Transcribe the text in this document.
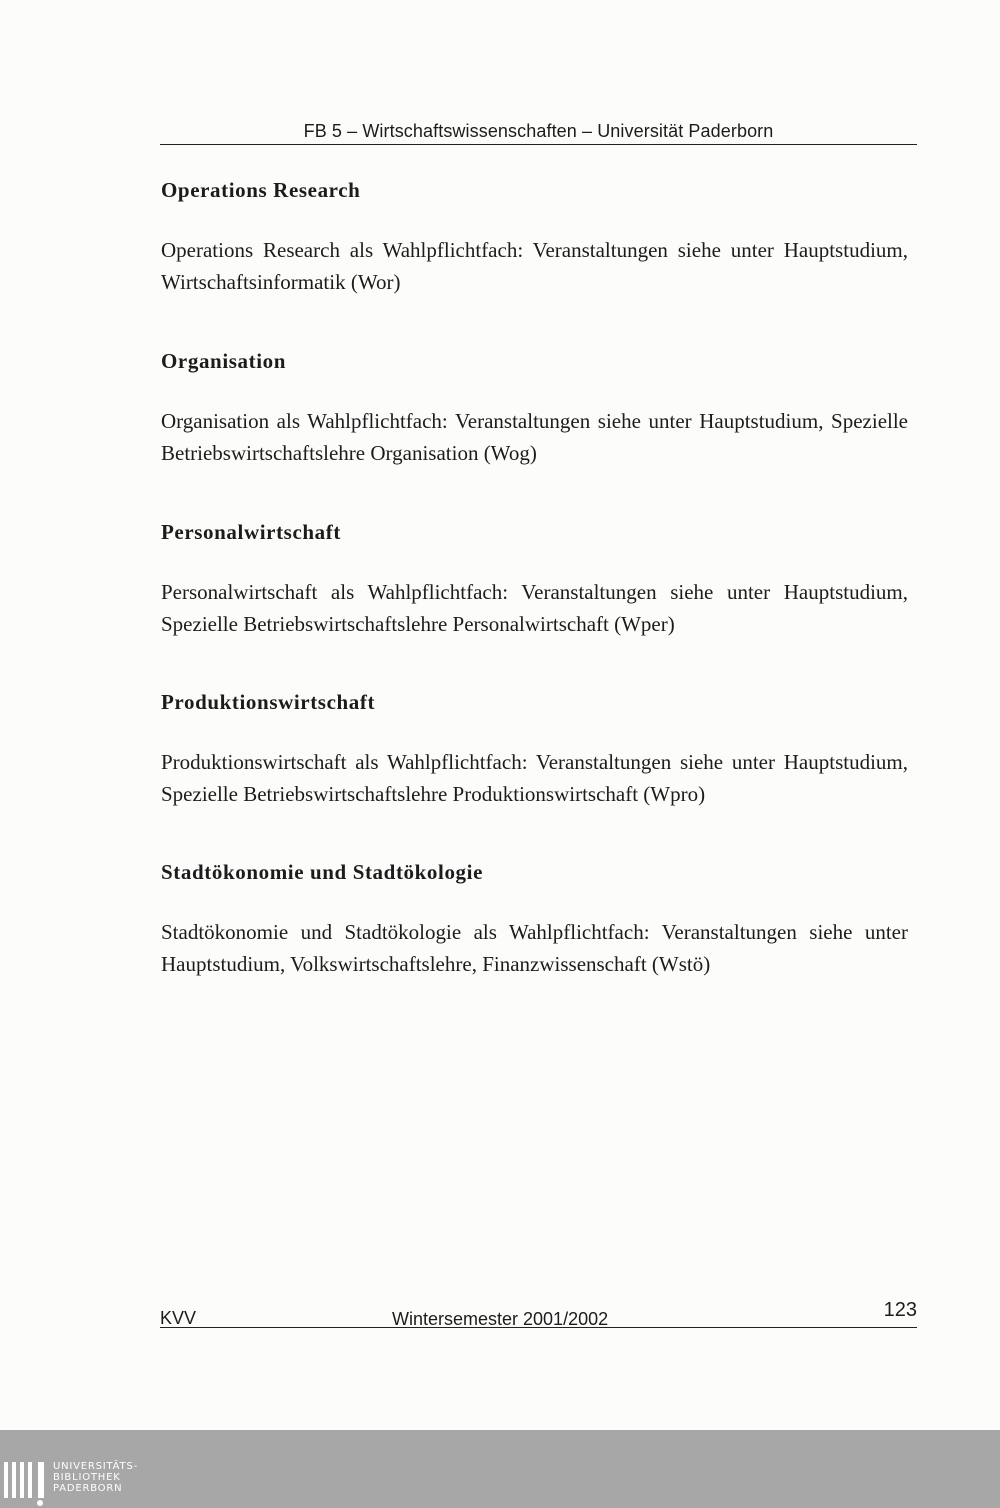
FB 5 – Wirtschaftswissenschaften – Universität Paderborn
Operations Research

Operations Research als Wahlpflichtfach: Veranstaltungen siehe unter Hauptstudium, Wirtschaftsinformatik (Wor)

Organisation

Organisation als Wahlpflichtfach: Veranstaltungen siehe unter Hauptstudium, Spezielle Betriebswirtschaftslehre Organisation (Wog)

Personalwirtschaft

Personalwirtschaft als Wahlpflichtfach: Veranstaltungen siehe unter Hauptstudium, Spezielle Betriebswirtschaftslehre Personalwirtschaft (Wper)

Produktionswirtschaft

Produktionswirtschaft als Wahlpflichtfach: Veranstaltungen siehe unter Hauptstudium, Spezielle Betriebswirtschaftslehre Produktionswirtschaft (Wpro)

Stadtökonomie und Stadtökologie

Stadtökonomie und Stadtökologie als Wahlpflichtfach: Veranstaltungen siehe unter Hauptstudium, Volkswirtschaftslehre, Finanzwissenschaft (Wstö)

KVV	Wintersemester 2001/2002	123
UNIVERSITÄTS-
BIBLIOTHEK
PADERBORN
